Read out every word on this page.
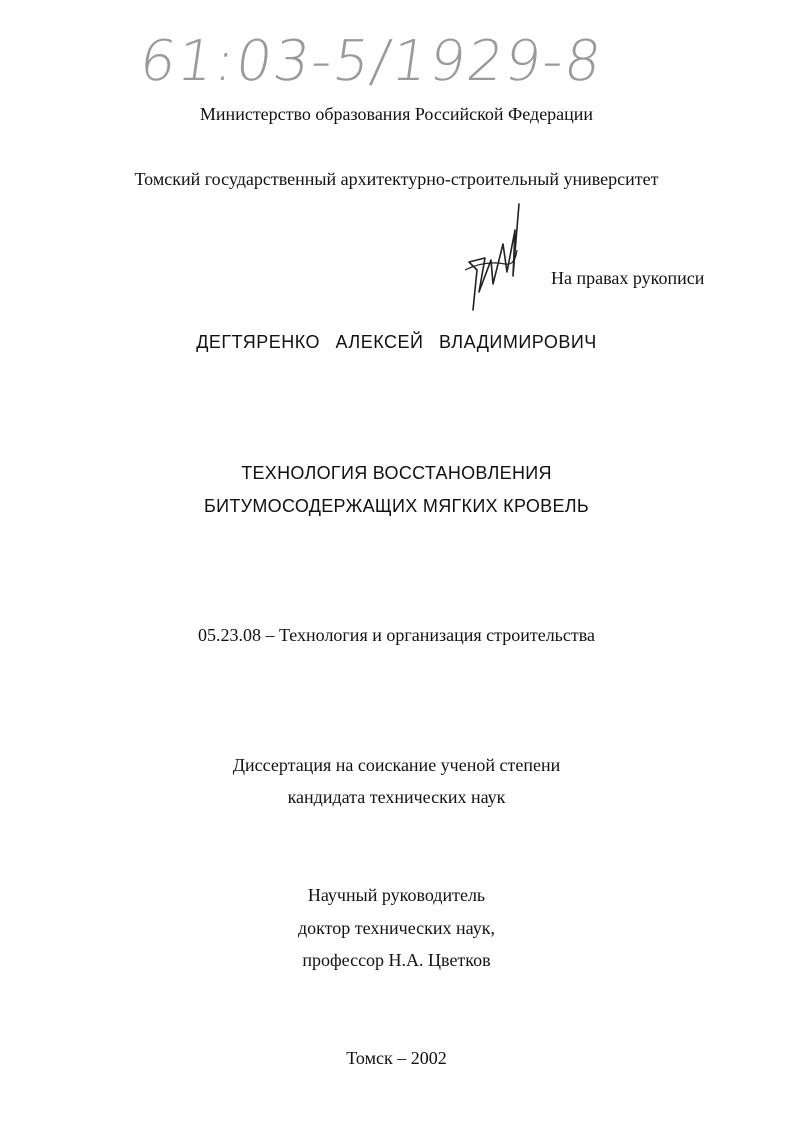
61:03-5/1929-8
Министерство образования Российской Федерации
Томский государственный архитектурно-строительный университет
На правах рукописи
ДЕГТЯРЕНКО АЛЕКСЕЙ ВЛАДИМИРОВИЧ
ТЕХНОЛОГИЯ ВОССТАНОВЛЕНИЯ
БИТУМОСОДЕРЖАЩИХ МЯГКИХ КРОВЕЛЬ
05.23.08 – Технология и организация строительства
Диссертация на соискание ученой степени
кандидата технических наук
Научный руководитель
доктор технических наук,
профессор Н.А. Цветков
Томск – 2002
